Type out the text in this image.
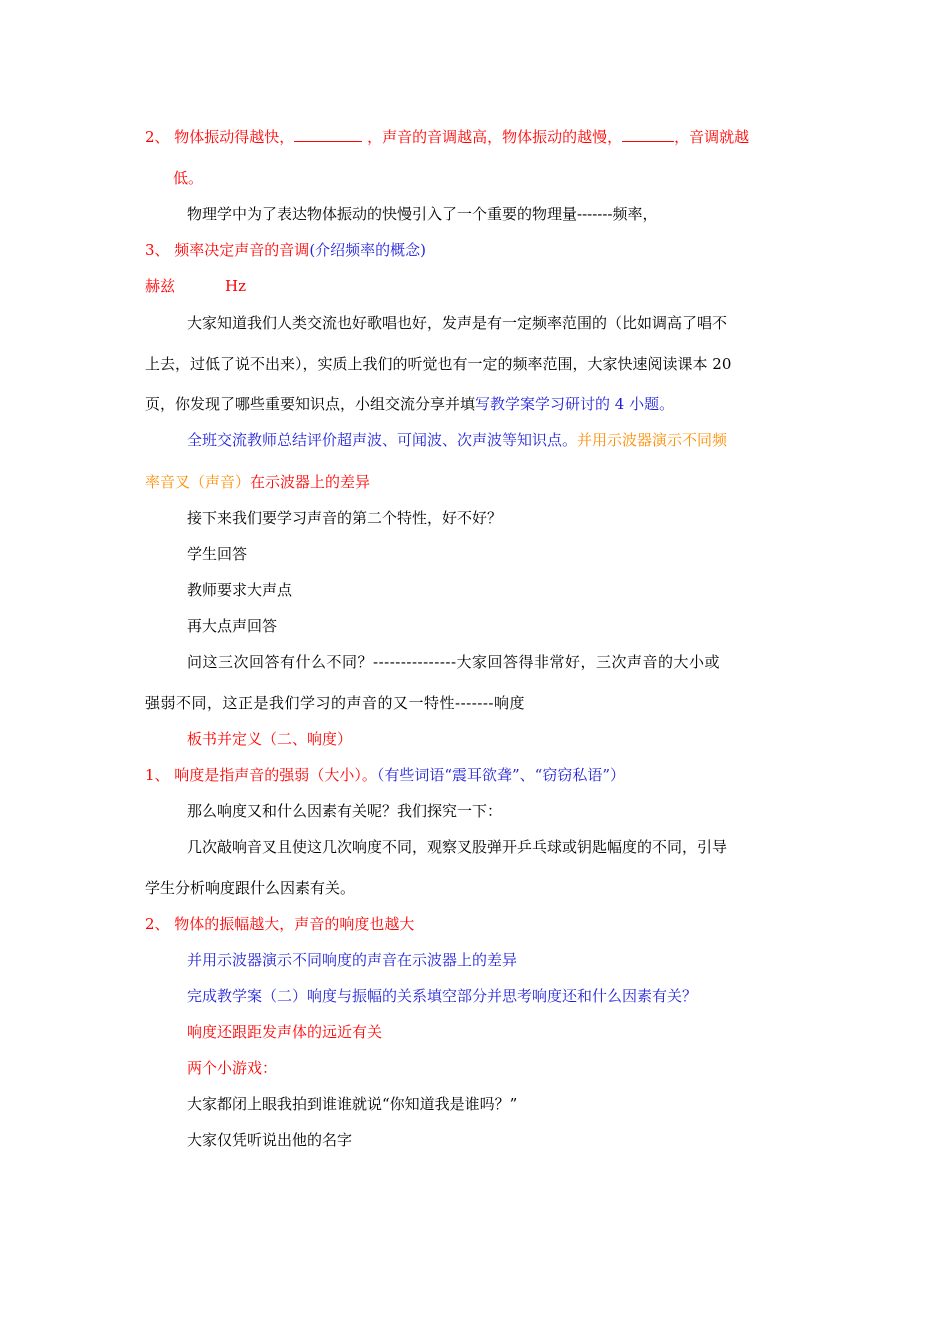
2、 物体振动得越快，	，声音的音调越高，物体振动的越慢，	，音调就越
低。
物理学中为了表达物体振动的快慢引入了一个重要的物理量-------频率，
3、 频率决定声音的音调(介绍频率的概念)
赫兹	Hz
大家知道我们人类交流也好歌唱也好，发声是有一定频率范围的（比如调高了唱不
上去，过低了说不出来），实质上我们的听觉也有一定的频率范围，大家快速阅读课本 20
页，你发现了哪些重要知识点，小组交流分享并填写教学案学习研讨的 4 小题。
全班交流教师总结评价超声波、可闻波、次声波等知识点。并用示波器演示不同频
率音叉（声音）在示波器上的差异
接下来我们要学习声音的第二个特性，好不好？
学生回答
教师要求大声点
再大点声回答
问这三次回答有什么不同？---------------大家回答得非常好，三次声音的大小或
强弱不同，这正是我们学习的声音的又一特性-------响度
板书并定义（二、响度）
1、 响度是指声音的强弱（大小）。（有些词语“震耳欲聋”、“窃窃私语”）
那么响度又和什么因素有关呢？我们探究一下：
几次敲响音叉且使这几次响度不同，观察叉股弹开乒乓球或钥匙幅度的不同，引导
学生分析响度跟什么因素有关。
2、 物体的振幅越大，声音的响度也越大
并用示波器演示不同响度的声音在示波器上的差异
完成教学案（二）响度与振幅的关系填空部分并思考响度还和什么因素有关？
响度还跟距发声体的远近有关
两个小游戏：
大家都闭上眼我拍到谁谁就说“你知道我是谁吗？”
大家仅凭听说出他的名字
